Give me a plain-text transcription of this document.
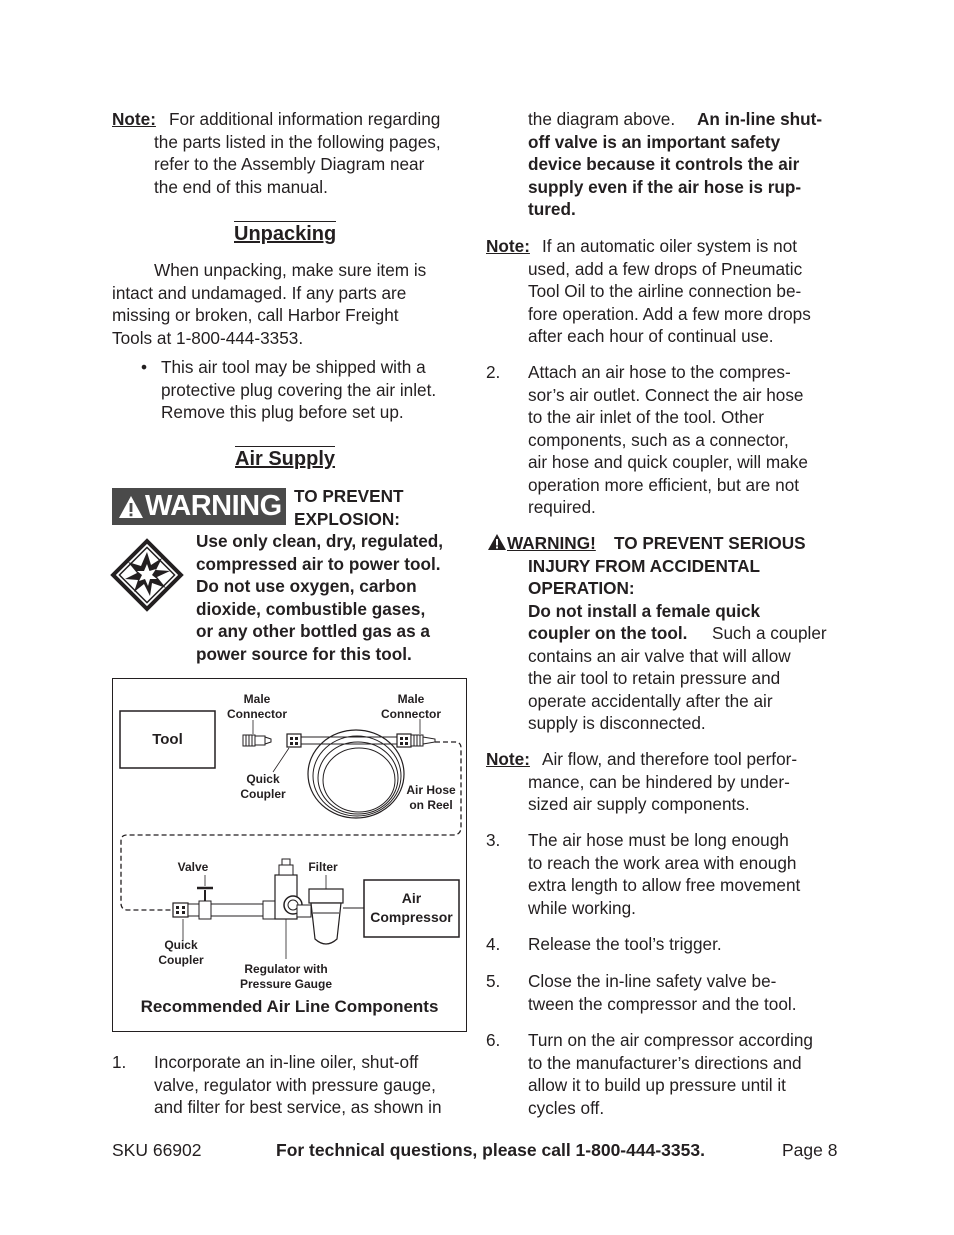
Note: For additional information regarding
the parts listed in the following pages,
refer to the Assembly Diagram near
the end of this manual.
Unpacking
When unpacking, make sure item is
intact and undamaged. If any parts are
missing or broken, call Harbor Freight
Tools at 1-800-444-3353.
• This air tool may be shipped with a
protective plug covering the air inlet.
Remove this plug before set up.
Air Supply
WARNING TO PREVENT
EXPLOSION:
Use only clean, dry, regulated,
compressed air to power tool.
Do not use oxygen, carbon
dioxide, combustible gases,
or any other bottled gas as a
power source for this tool.
Tool
Male
Connector
Male
Connector
Quick
Coupler	Air Hose
on Reel
Valve	Filter
Air
Compressor
Quick
Coupler
Regulator with
Pressure Gauge
Recommended Air Line Components
1. Incorporate an in-line oiler, shut-off
valve, regulator with pressure gauge,
and filter for best service, as shown in
the diagram above. An in-line shut-
off valve is an important safety
device because it controls the air
supply even if the air hose is rup-
tured.
Note: If an automatic oiler system is not
used, add a few drops of Pneumatic
Tool Oil to the airline connection be-
fore operation. Add a few more drops
after each hour of continual use.
2. Attach an air hose to the compres-
sor’s air outlet. Connect the air hose
to the air inlet of the tool. Other
components, such as a connector,
air hose and quick coupler, will make
operation more efficient, but are not
required.
WARNING! TO PREVENT SERIOUS
INJURY FROM ACCIDENTAL
OPERATION:
Do not install a female quick
coupler on the tool. Such a coupler
contains an air valve that will allow
the air tool to retain pressure and
operate accidentally after the air
supply is disconnected.
Note: Air flow, and therefore tool perfor-
mance, can be hindered by under-
sized air supply components.
3. The air hose must be long enough
to reach the work area with enough
extra length to allow free movement
while working.
4. Release the tool’s trigger.
5. Close the in-line safety valve be-
tween the compressor and the tool.
6. Turn on the air compressor according
to the manufacturer’s directions and
allow it to build up pressure until it
cycles off.
SKU 66902	For technical questions, please call 1-800-444-3353.	Page 8
